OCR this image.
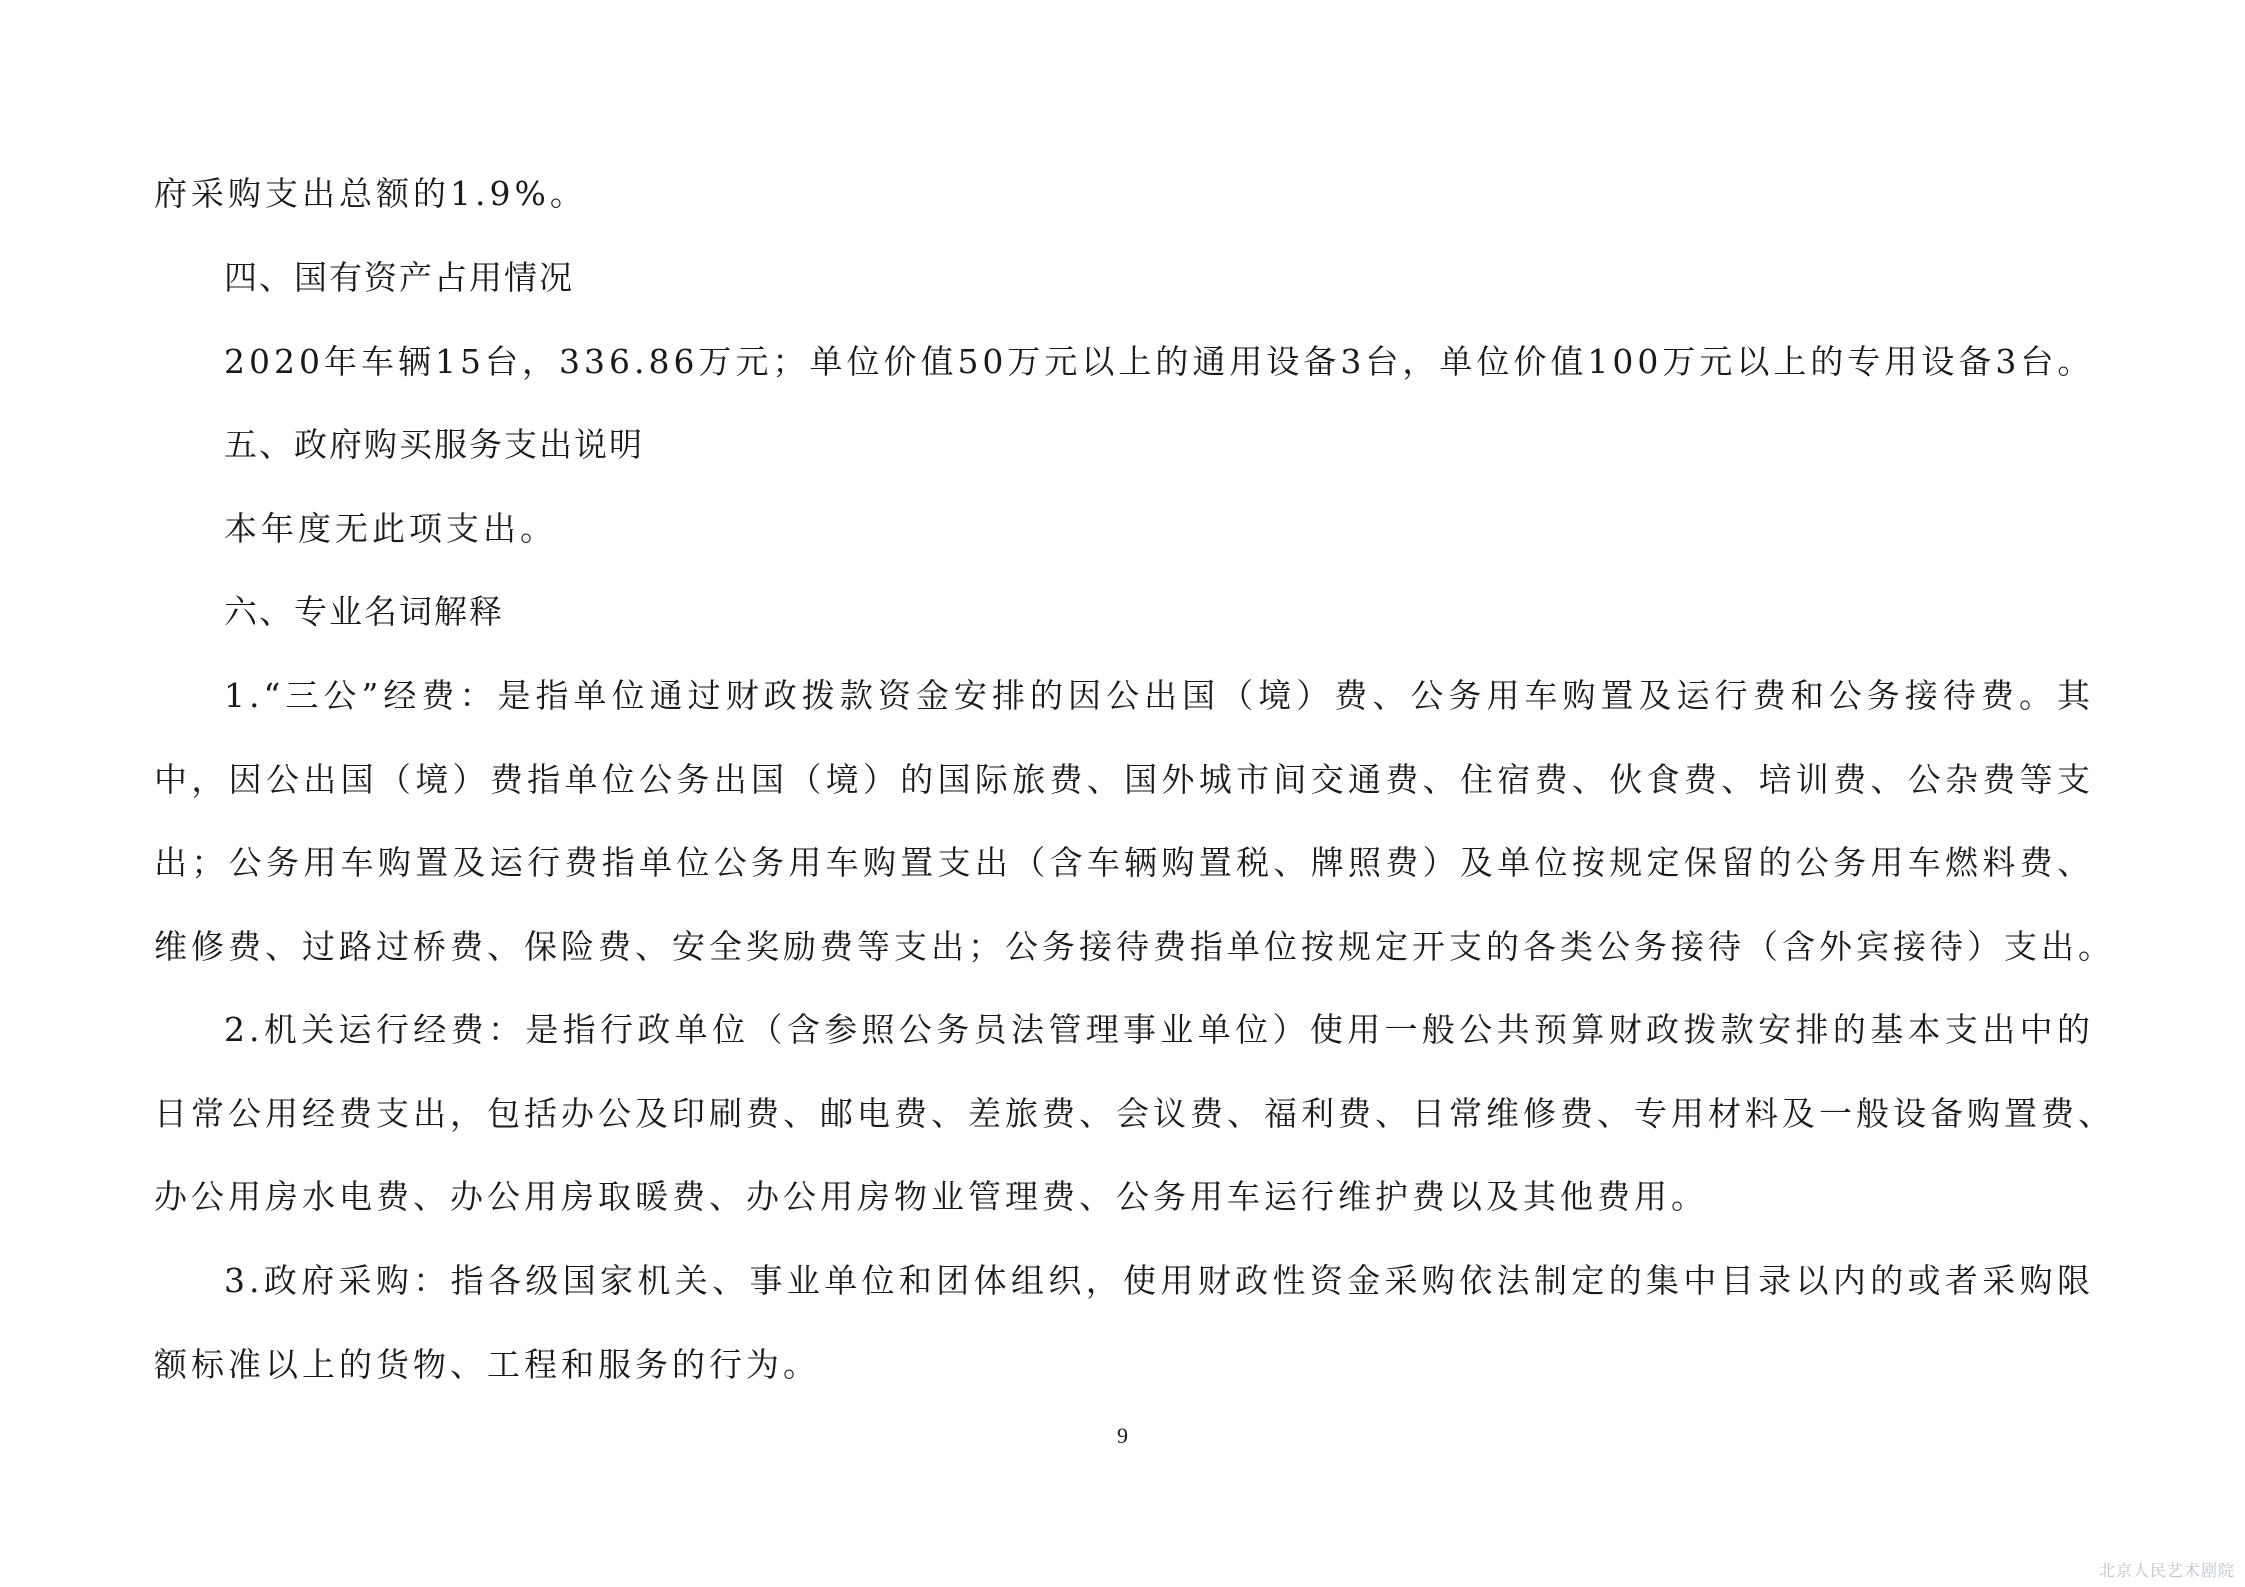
府采购支出总额的1.9%。
四、国有资产占用情况
2020年车辆15台，336.86万元；单位价值50万元以上的通用设备3台，单位价值100万元以上的专用设备3台。
五、政府购买服务支出说明
本年度无此项支出。
六、专业名词解释
1.“三公”经费：是指单位通过财政拨款资金安排的因公出国（境）费、公务用车购置及运行费和公务接待费。其
中，因公出国（境）费指单位公务出国（境）的国际旅费、国外城市间交通费、住宿费、伙食费、培训费、公杂费等支
出；公务用车购置及运行费指单位公务用车购置支出（含车辆购置税、牌照费）及单位按规定保留的公务用车燃料费、
维修费、过路过桥费、保险费、安全奖励费等支出；公务接待费指单位按规定开支的各类公务接待（含外宾接待）支出。
2.机关运行经费：是指行政单位（含参照公务员法管理事业单位）使用一般公共预算财政拨款安排的基本支出中的
日常公用经费支出，包括办公及印刷费、邮电费、差旅费、会议费、福利费、日常维修费、专用材料及一般设备购置费、
办公用房水电费、办公用房取暖费、办公用房物业管理费、公务用车运行维护费以及其他费用。
3.政府采购：指各级国家机关、事业单位和团体组织，使用财政性资金采购依法制定的集中目录以内的或者采购限
额标准以上的货物、工程和服务的行为。
9
北京人民艺术剧院
